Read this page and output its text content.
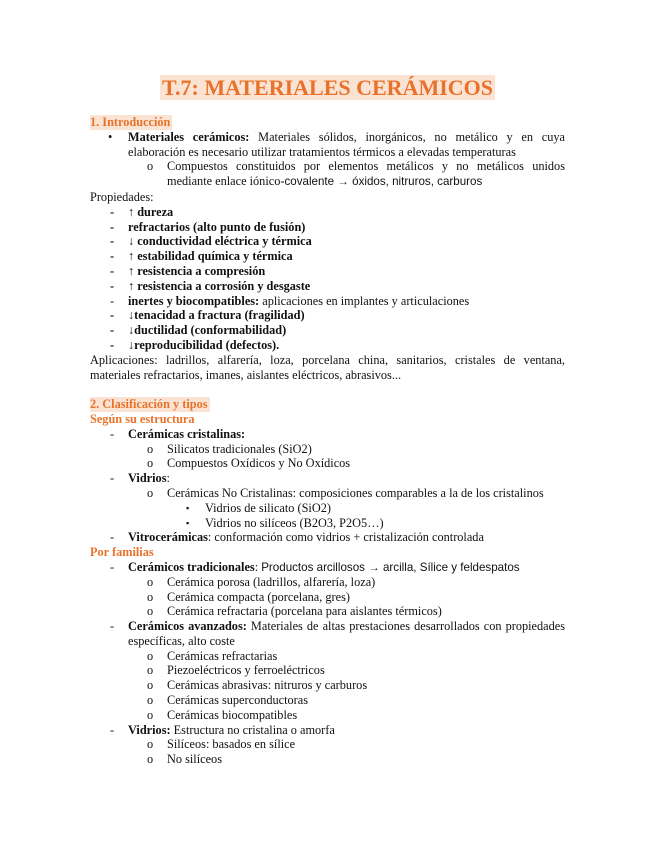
T.7: MATERIALES CERÁMICOS
1. Introducción
• Materiales cerámicos: Materiales sólidos, inorgánicos, no metálico y en cuya elaboración es necesario utilizar tratamientos térmicos a elevadas temperaturas
o Compuestos constituidos por elementos metálicos y no metálicos unidos mediante enlace iónico-covalente → óxidos, nitruros, carburos
Propiedades:
- ↑ dureza
- refractarios (alto punto de fusión)
- ↓ conductividad eléctrica y térmica
- ↑ estabilidad química y térmica
- ↑ resistencia a compresión
- ↑ resistencia a corrosión y desgaste
- inertes y biocompatibles: aplicaciones en implantes y articulaciones
- ↓tenacidad a fractura (fragilidad)
- ↓ductilidad (conformabilidad)
- ↓reproducibilidad (defectos).
Aplicaciones: ladrillos, alfarería, loza, porcelana china, sanitarios, cristales de ventana, materiales refractarios, imanes, aislantes eléctricos, abrasivos...
2. Clasificación y tipos
Según su estructura
- Cerámicas cristalinas:
o Silicatos tradicionales (SiO2)
o Compuestos Oxídicos y No Oxídicos
- Vidrios:
o Cerámicas No Cristalinas: composiciones comparables a la de los cristalinos
▪ Vidrios de silicato (SiO2)
▪ Vidrios no silíceos (B2O3, P2O5…)
- Vitrocerámicas: conformación como vidrios + cristalización controlada
Por familias
- Cerámicos tradicionales: Productos arcillosos → arcilla, Sílice y feldespatos
o Cerámica porosa (ladrillos, alfarería, loza)
o Cerámica compacta (porcelana, gres)
o Cerámica refractaria (porcelana para aislantes térmicos)
- Cerámicos avanzados: Materiales de altas prestaciones desarrollados con propiedades específicas, alto coste
o Cerámicas refractarias
o Piezoeléctricos y ferroeléctricos
o Cerámicas abrasivas: nitruros y carburos
o Cerámicas superconductoras
o Cerámicas biocompatibles
- Vidrios: Estructura no cristalina o amorfa
o Silíceos: basados en sílice
o No silíceos
